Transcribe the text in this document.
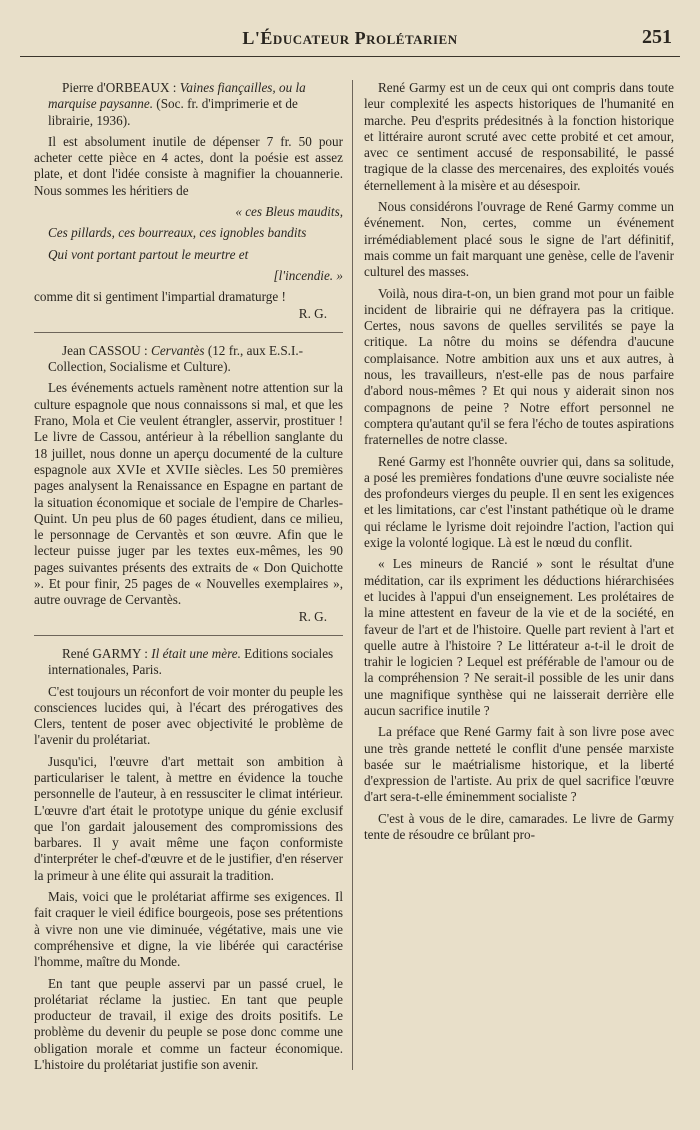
L'Éducateur Prolétarien	251

Pierre d'ORBEAUX : Vaines fiançailles, ou la marquise paysanne. (Soc. fr. d'imprimerie et de librairie, 1936).

Il est absolument inutile de dépenser 7 fr. 50 pour acheter cette pièce en 4 actes, dont la poésie est assez plate, et dont l'idée consiste à magnifier la chouannerie. Nous sommes les héritiers de

« ces Bleus maudits,

Ces pillards, ces bourreaux, ces ignobles bandits

Qui vont portant partout le meurtre et

[l'incendie. »

comme dit si gentiment l'impartial dramaturge !

R. G.

Jean CASSOU : Cervantès (12 fr., aux E.S.I.- Collection, Socialisme et Culture).

Les événements actuels ramènent notre attention sur la culture espagnole que nous connaissons si mal, et que les Frano, Mola et Cie veulent étrangler, asservir, prostituer ! Le livre de Cassou, antérieur à la rébellion sanglante du 18 juillet, nous donne un aperçu documenté de la culture espagnole aux XVIe et XVIIe siècles. Les 50 premières pages analysent la Renaissance en Espagne en partant de la situation économique et sociale de l'empire de Charles-Quint. Un peu plus de 60 pages étudient, dans ce milieu, le personnage de Cervantès et son œuvre. Afin que le lecteur puisse juger par les textes eux-mêmes, les 90 pages suivantes présents des extraits de « Don Quichotte ». Et pour finir, 25 pages de « Nouvelles exemplaires », autre ouvrage de Cervantès.

R. G.

René GARMY : Il était une mère. Editions sociales internationales, Paris.

C'est toujours un réconfort de voir monter du peuple les consciences lucides qui, à l'écart des prérogatives des Clers, tentent de poser avec objectivité le problème de l'avenir du prolétariat.

Jusqu'ici, l'œuvre d'art mettait son ambition à particulariser le talent, à mettre en évidence la touche personnelle de l'auteur, à en ressusciter le climat intérieur. L'œuvre d'art était le prototype unique du génie exclusif que l'on gardait jalousement des compromissions des barbares. Il y avait même une façon conformiste d'interpréter le chef-d'œuvre et de le justifier, d'en réserver la primeur à une élite qui assurait la tradition.

Mais, voici que le prolétariat affirme ses exigences. Il fait craquer le vieil édifice bourgeois, pose ses prétentions à vivre non une vie diminuée, végétative, mais une vie compréhensive et digne, la vie libérée qui caractérise l'homme, maître du Monde.

En tant que peuple asservi par un passé cruel, le prolétariat réclame la justiec. En tant que peuple producteur de travail, il exige des droits positifs. Le problème du devenir du peuple se pose donc comme une obligation morale et comme un facteur économique. L'histoire du prolétariat justifie son avenir.

René Garmy est un de ceux qui ont compris dans toute leur complexité les aspects historiques de l'humanité en marche. Peu d'esprits prédesitnés à la fonction historique et littéraire auront scruté avec cette probité et cet amour, avec ce sentiment accusé de responsabilité, le passé tragique de la classe des mercenaires, des exploités voués éternellement à la misère et au désespoir.

Nous considérons l'ouvrage de René Garmy comme un événement. Non, certes, comme un événement irrémédiablement placé sous le signe de l'art définitif, mais comme un fait marquant une genèse, celle de l'avenir culturel des masses.

Voilà, nous dira-t-on, un bien grand mot pour un faible incident de librairie qui ne défrayera pas la critique. Certes, nous savons de quelles servilités se paye la critique. La nôtre du moins se défendra d'aucune complaisance. Notre ambition aux uns et aux autres, à nous, les travailleurs, n'est-elle pas de nous parfaire d'abord nous-mêmes ? Et qui nous y aiderait sinon nos compagnons de peine ? Notre effort personnel ne comptera qu'autant qu'il se fera l'écho de toutes aspirations fraternelles de notre classe.

René Garmy est l'honnête ouvrier qui, dans sa solitude, a posé les premières fondations d'une œuvre socialiste née des profondeurs vierges du peuple. Il en sent les exigences et les limitations, car c'est l'instant pathétique où le drame qui réclame le lyrisme doit rejoindre l'action, l'action qui exige la volonté logique. Là est le nœud du conflit.

« Les mineurs de Rancié » sont le résultat d'une méditation, car ils expriment les déductions hiérarchisées et lucides à l'appui d'un enseignement. Les prolétaires de la mine attestent en faveur de la vie et de la société, en faveur de l'art et de l'histoire. Quelle part revient à l'art et quelle autre à l'histoire ? Le littérateur a-t-il le droit de trahir le logicien ? Lequel est préférable de l'amour ou de la compréhension ? Ne serait-il possible de les unir dans une magnifique synthèse qui ne laisserait derrière elle aucun sacrifice inutile ?

La préface que René Garmy fait à son livre pose avec une très grande netteté le conflit d'une pensée marxiste basée sur le maétrialisme historique, et la liberté d'expression de l'artiste. Au prix de quel sacrifice l'œuvre d'art sera-t-elle éminemment socialiste ?

C'est à vous de le dire, camarades. Le livre de Garmy tente de résoudre ce brûlant pro-
